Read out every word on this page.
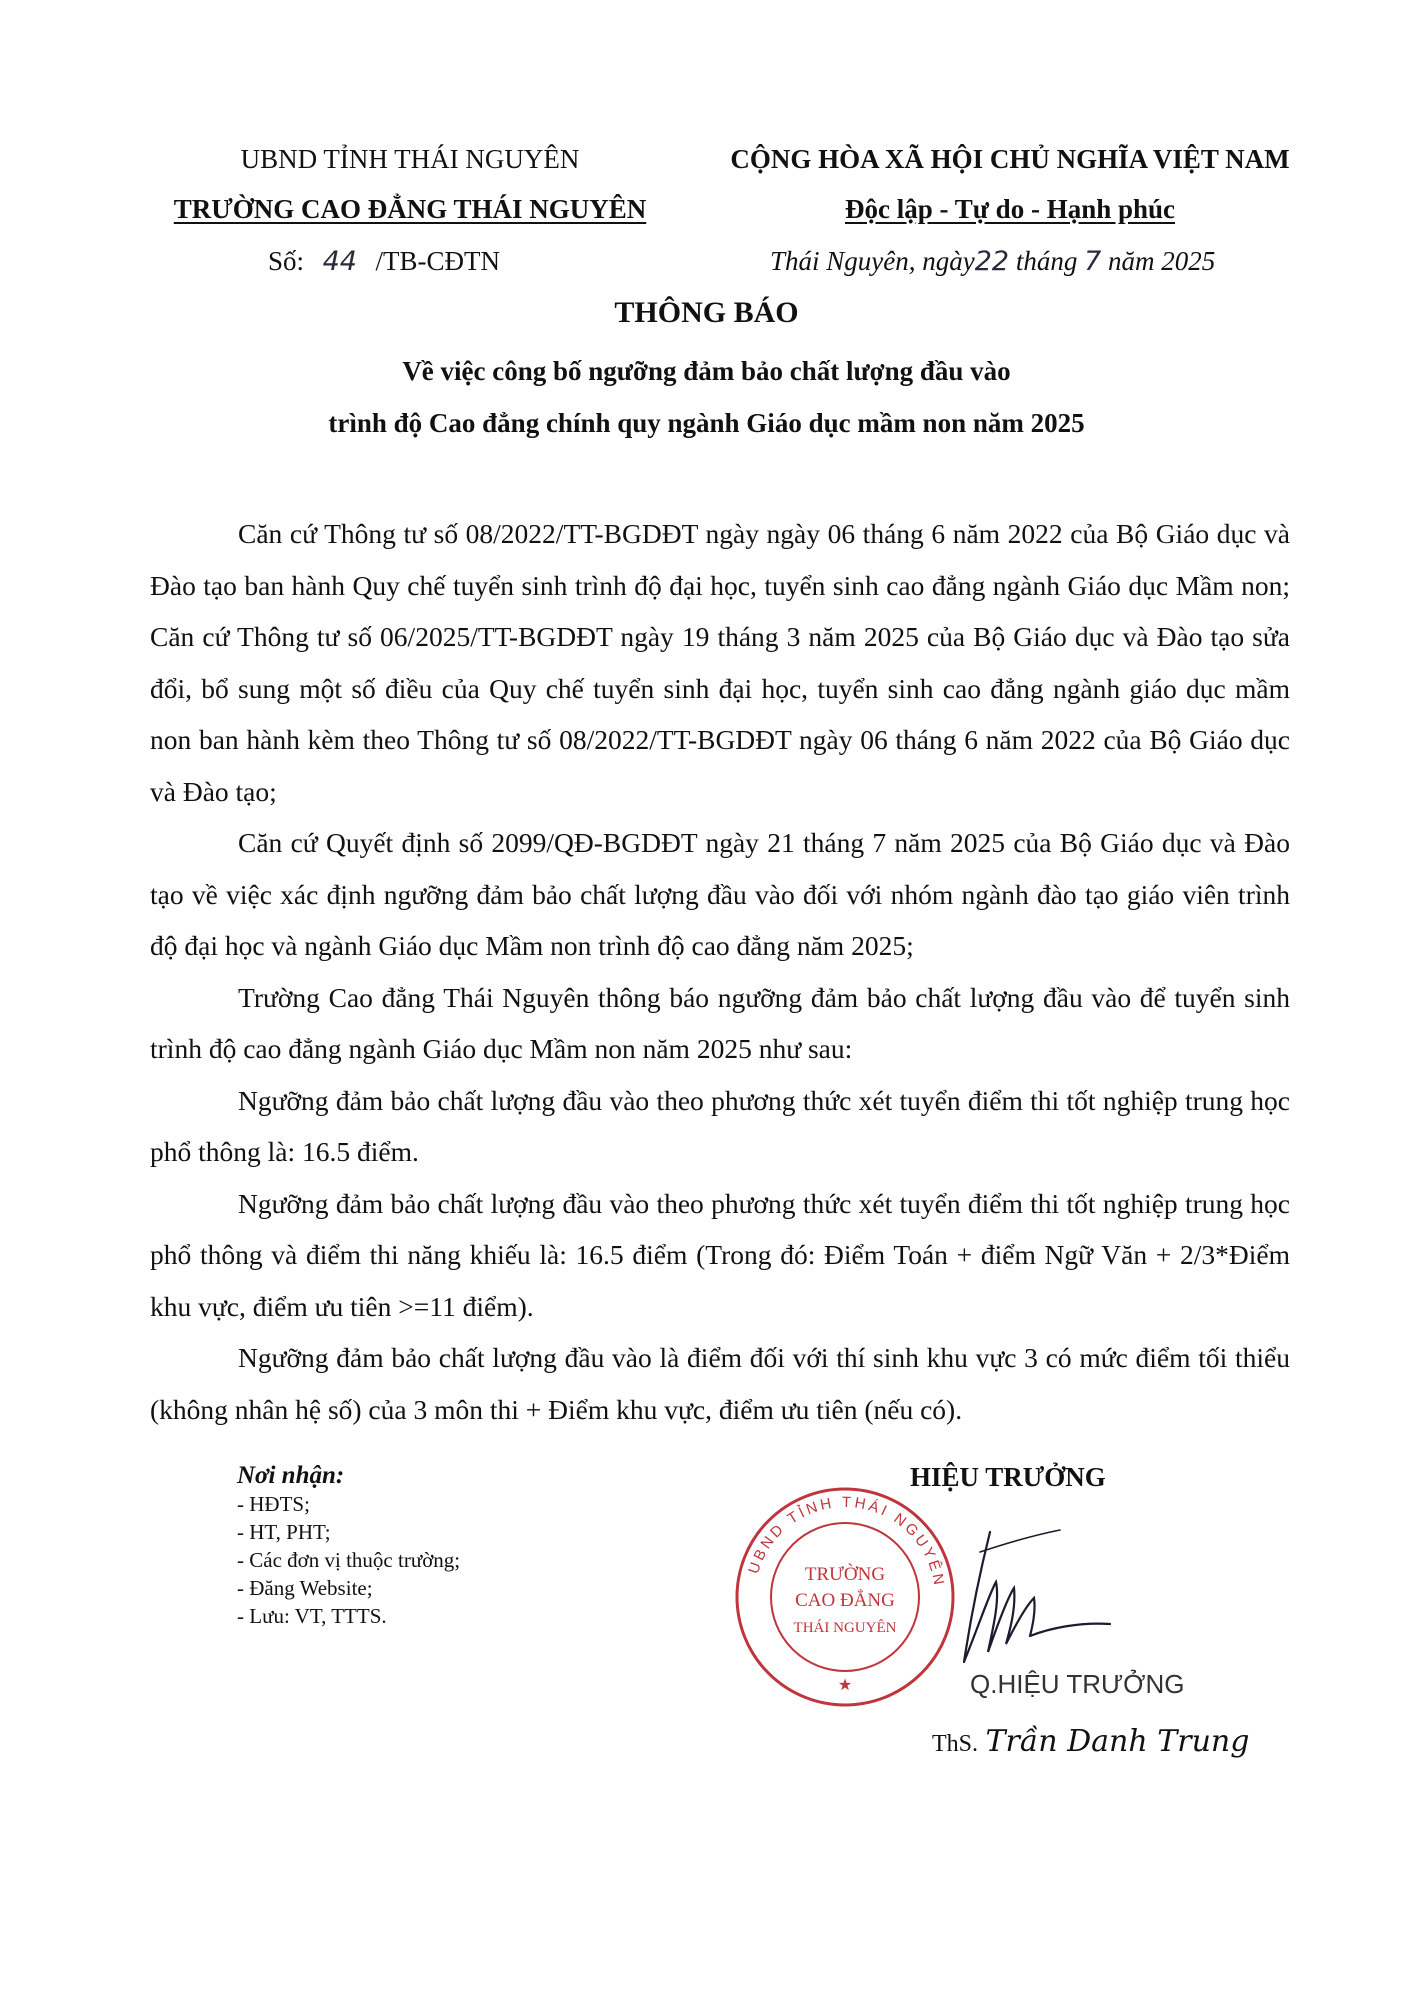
UBND TỈNH THÁI NGUYÊN
TRƯỜNG CAO ĐẲNG THÁI NGUYÊN
Số: 44 /TB-CĐTN
CỘNG HÒA XÃ HỘI CHỦ NGHĨA VIỆT NAM
Độc lập - Tự do - Hạnh phúc
Thái Nguyên, ngày22 tháng 7 năm 2025
THÔNG BÁO
Về việc công bố ngưỡng đảm bảo chất lượng đầu vào
trình độ Cao đẳng chính quy ngành Giáo dục mầm non năm 2025

Căn cứ Thông tư số 08/2022/TT-BGDĐT ngày ngày 06 tháng 6 năm 2022 của Bộ Giáo dục và Đào tạo ban hành Quy chế tuyển sinh trình độ đại học, tuyển sinh cao đẳng ngành Giáo dục Mầm non; Căn cứ Thông tư số 06/2025/TT-BGDĐT ngày 19 tháng 3 năm 2025 của Bộ Giáo dục và Đào tạo sửa đổi, bổ sung một số điều của Quy chế tuyển sinh đại học, tuyển sinh cao đẳng ngành giáo dục mầm non ban hành kèm theo Thông tư số 08/2022/TT-BGDĐT ngày 06 tháng 6 năm 2022 của Bộ Giáo dục và Đào tạo;

Căn cứ Quyết định số 2099/QĐ-BGDĐT ngày 21 tháng 7 năm 2025 của Bộ Giáo dục và Đào tạo về việc xác định ngưỡng đảm bảo chất lượng đầu vào đối với nhóm ngành đào tạo giáo viên trình độ đại học và ngành Giáo dục Mầm non trình độ cao đẳng năm 2025;

Trường Cao đẳng Thái Nguyên thông báo ngưỡng đảm bảo chất lượng đầu vào để tuyển sinh trình độ cao đẳng ngành Giáo dục Mầm non năm 2025 như sau:

Ngưỡng đảm bảo chất lượng đầu vào theo phương thức xét tuyển điểm thi tốt nghiệp trung học phổ thông là: 16.5 điểm.

Ngưỡng đảm bảo chất lượng đầu vào theo phương thức xét tuyển điểm thi tốt nghiệp trung học phổ thông và điểm thi năng khiếu là: 16.5 điểm (Trong đó: Điểm Toán + điểm Ngữ Văn + 2/3*Điểm khu vực, điểm ưu tiên >=11 điểm).

Ngưỡng đảm bảo chất lượng đầu vào là điểm đối với thí sinh khu vực 3 có mức điểm tối thiểu (không nhân hệ số) của 3 môn thi + Điểm khu vực, điểm ưu tiên (nếu có).

Nơi nhận:
- HĐTS;
- HT, PHT;
- Các đơn vị thuộc trường;
- Đăng Website;
- Lưu: VT, TTTS.
HIỆU TRƯỞNG
UBND TỈNH THÁI NGUYÊN
TRƯỜNG
CAO ĐẲNG
THÁI NGUYÊN
★	Q.HIỆU TRƯỞNG
ThS. Trần Danh Trung
